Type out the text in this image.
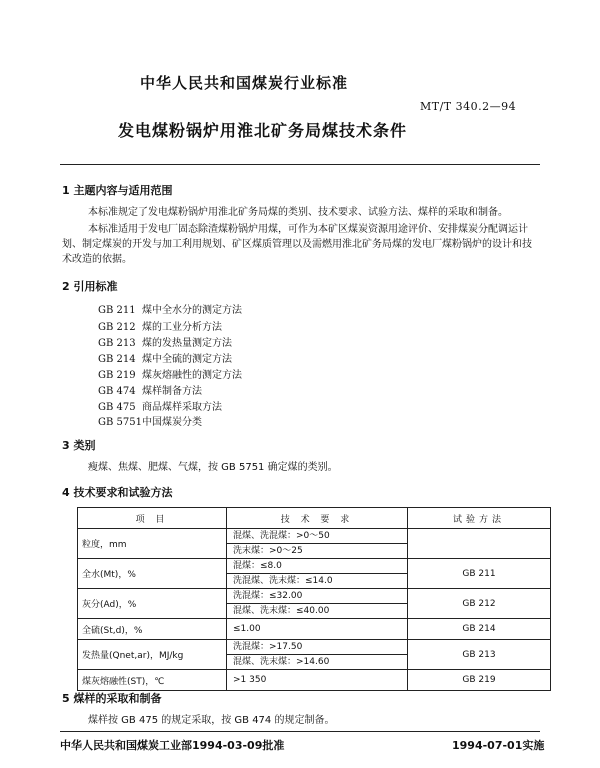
中华人民共和国煤炭行业标准
MT/T 340.2—94
发电煤粉锅炉用淮北矿务局煤技术条件
1 主题内容与适用范围
本标准规定了发电煤粉锅炉用淮北矿务局煤的类别、技术要求、试验方法、煤样的采取和制备。
本标准适用于发电厂固态除渣煤粉锅炉用煤，可作为本矿区煤炭资源用途评价、安排煤炭分配调运计划、制定煤炭的开发与加工利用规划、矿区煤质管理以及需燃用淮北矿务局煤的发电厂煤粉锅炉的设计和技术改造的依据。
2 引用标准
GB 211 煤中全水分的测定方法
GB 212 煤的工业分析方法
GB 213 煤的发热量测定方法
GB 214 煤中全硫的测定方法
GB 219 煤灰熔融性的测定方法
GB 474 煤样制备方法
GB 475 商品煤样采取方法
GB 5751中国煤炭分类
3 类别
瘦煤、焦煤、肥煤、气煤，按 GB 5751 确定煤的类别。
4 技术要求和试验方法
项 目	技 术 要 求	试验方法
粒度，mm	混煤、洗混煤：>0～50
洗末煤：>0～25	

全水(Mt)，%	混煤：≤8.0
洗混煤、洗末煤：≤14.0	GB 211
灰分(Ad)，%	洗混煤：≤32.00
混煤、洗末煤：≤40.00	GB 212
全硫(St,d)，%	≤1.00	GB 214
发热量(Qnet,ar)，MJ/kg	洗混煤：>17.50
混煤、洗末煤：>14.60	GB 213
煤灰熔融性(ST)，℃	>1 350	GB 219
5 煤样的采取和制备
煤样按 GB 475 的规定采取，按 GB 474 的规定制备。
中华人民共和国煤炭工业部1994-03-09批准	1994-07-01实施
